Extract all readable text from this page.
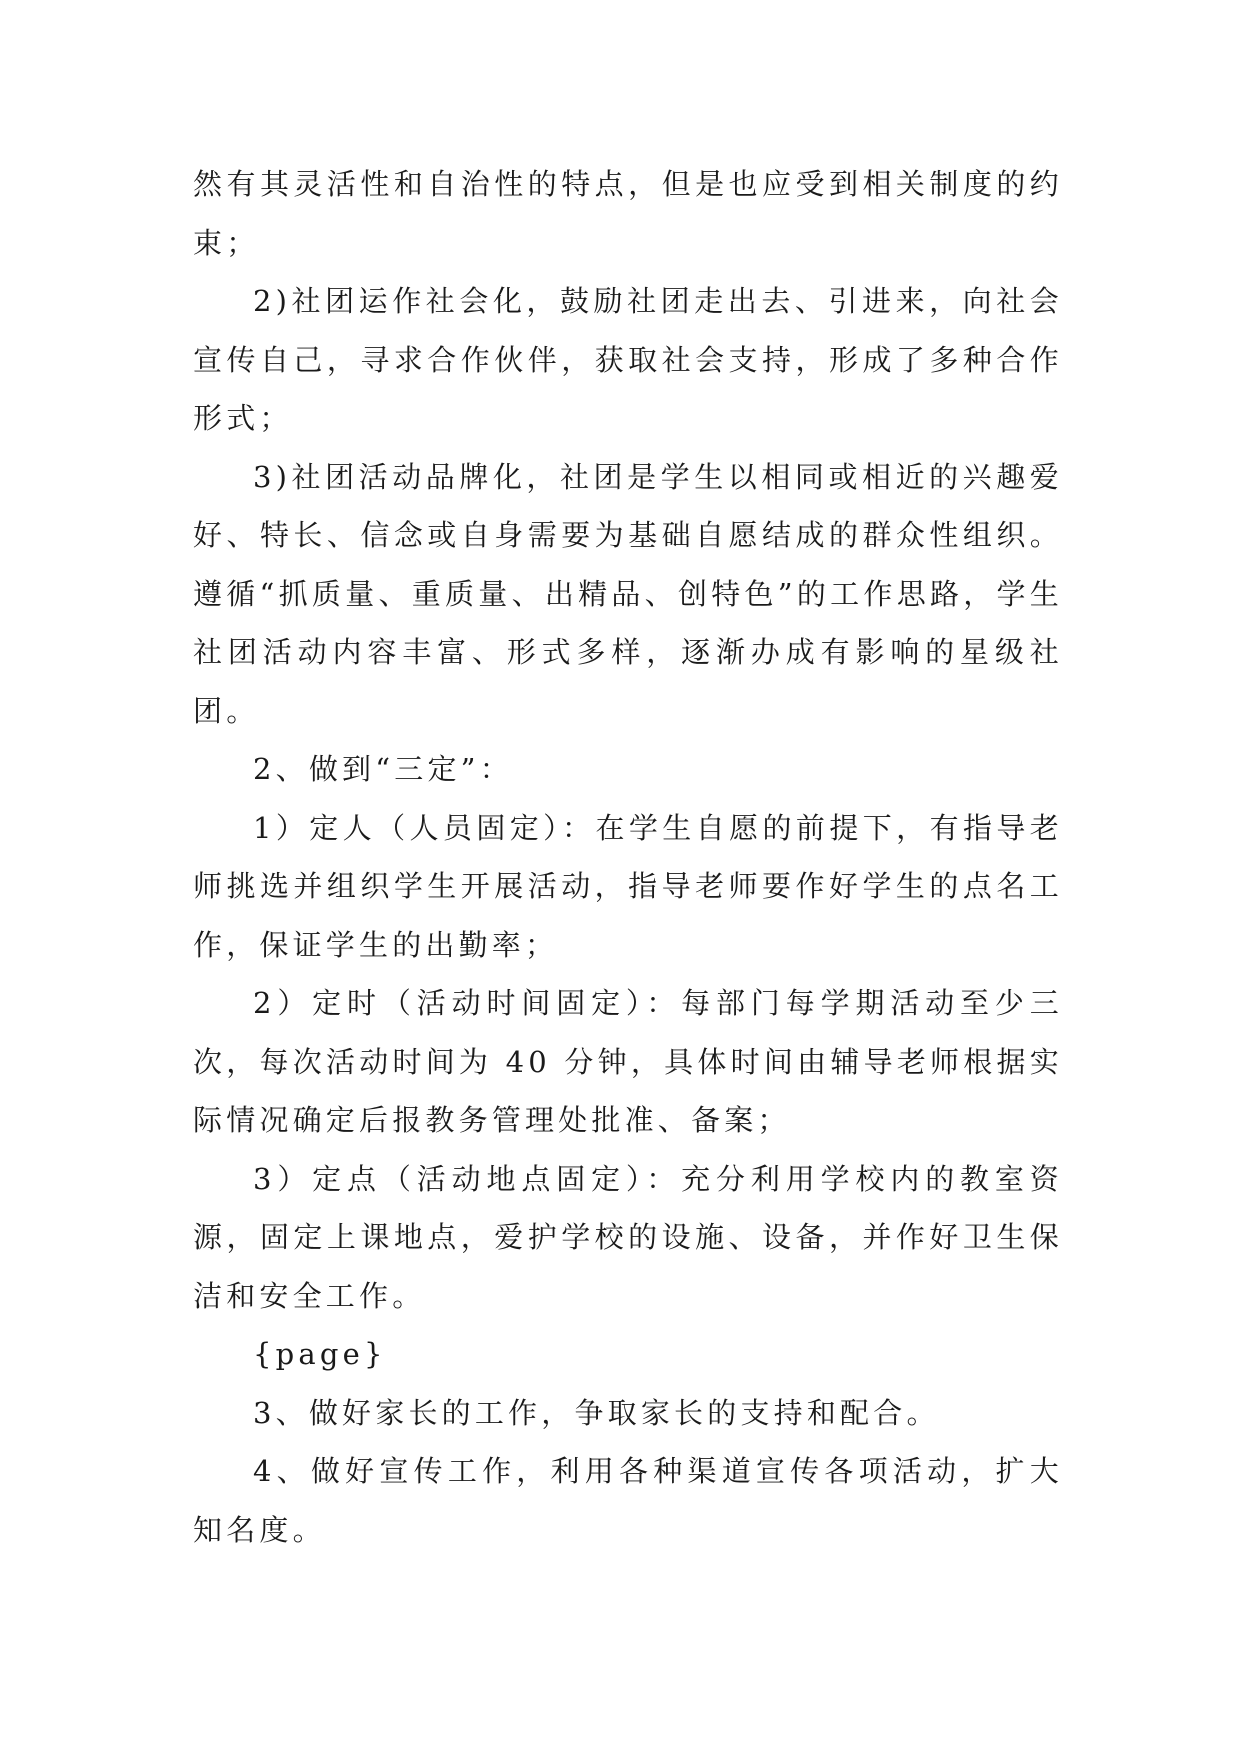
然有其灵活性和自治性的特点，但是也应受到相关制度的约束；

2)社团运作社会化，鼓励社团走出去、引进来，向社会宣传自己，寻求合作伙伴，获取社会支持，形成了多种合作形式；

3)社团活动品牌化，社团是学生以相同或相近的兴趣爱好、特长、信念或自身需要为基础自愿结成的群众性组织。遵循“抓质量、重质量、出精品、创特色”的工作思路，学生社团活动内容丰富、形式多样，逐渐办成有影响的星级社团。

2、做到“三定”：

1）定人（人员固定）：在学生自愿的前提下，有指导老师挑选并组织学生开展活动，指导老师要作好学生的点名工作，保证学生的出勤率；

2）定时（活动时间固定）：每部门每学期活动至少三次，每次活动时间为 40 分钟，具体时间由辅导老师根据实际情况确定后报教务管理处批准、备案；

3）定点（活动地点固定）：充分利用学校内的教室资源，固定上课地点，爱护学校的设施、设备，并作好卫生保洁和安全工作。

{page}

3、做好家长的工作，争取家长的支持和配合。

4、做好宣传工作，利用各种渠道宣传各项活动，扩大知名度。
